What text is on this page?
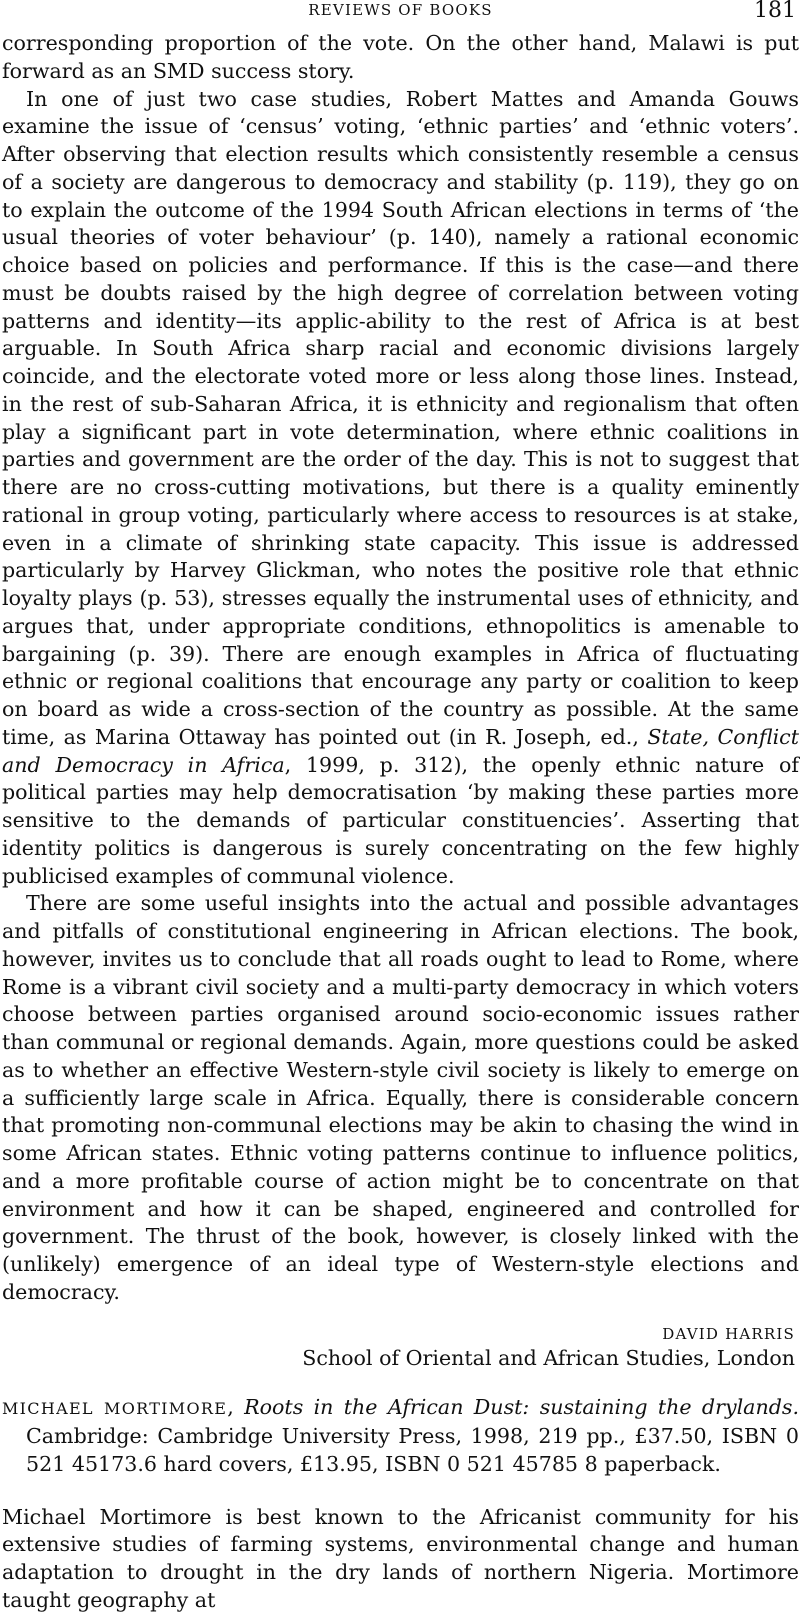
REVIEWS OF BOOKS	181

corresponding proportion of the vote. On the other hand, Malawi is put forward as an SMD success story.

In one of just two case studies, Robert Mattes and Amanda Gouws examine the issue of ‘census’ voting, ‘ethnic parties’ and ‘ethnic voters’. After observing that election results which consistently resemble a census of a society are dangerous to democracy and stability (p. 119), they go on to explain the outcome of the 1994 South African elections in terms of ‘the usual theories of voter behaviour’ (p. 140), namely a rational economic choice based on policies and performance. If this is the case—and there must be doubts raised by the high degree of correlation between voting patterns and identity—its applic-ability to the rest of Africa is at best arguable. In South Africa sharp racial and economic divisions largely coincide, and the electorate voted more or less along those lines. Instead, in the rest of sub-Saharan Africa, it is ethnicity and regionalism that often play a significant part in vote determination, where ethnic coalitions in parties and government are the order of the day. This is not to suggest that there are no cross-cutting motivations, but there is a quality eminently rational in group voting, particularly where access to resources is at stake, even in a climate of shrinking state capacity. This issue is addressed particularly by Harvey Glickman, who notes the positive role that ethnic loyalty plays (p. 53), stresses equally the instrumental uses of ethnicity, and argues that, under appropriate conditions, ethnopolitics is amenable to bargaining (p. 39). There are enough examples in Africa of fluctuating ethnic or regional coalitions that encourage any party or coalition to keep on board as wide a cross-section of the country as possible. At the same time, as Marina Ottaway has pointed out (in R. Joseph, ed., State, Conflict and Democracy in Africa, 1999, p. 312), the openly ethnic nature of political parties may help democratisation ‘by making these parties more sensitive to the demands of particular constituencies’. Asserting that identity politics is dangerous is surely concentrating on the few highly publicised examples of communal violence.

There are some useful insights into the actual and possible advantages and pitfalls of constitutional engineering in African elections. The book, however, invites us to conclude that all roads ought to lead to Rome, where Rome is a vibrant civil society and a multi-party democracy in which voters choose between parties organised around socio-economic issues rather than communal or regional demands. Again, more questions could be asked as to whether an effective Western-style civil society is likely to emerge on a sufficiently large scale in Africa. Equally, there is considerable concern that promoting non-communal elections may be akin to chasing the wind in some African states. Ethnic voting patterns continue to influence politics, and a more profitable course of action might be to concentrate on that environment and how it can be shaped, engineered and controlled for government. The thrust of the book, however, is closely linked with the (unlikely) emergence of an ideal type of Western-style elections and democracy.

DAVID HARRIS
School of Oriental and African Studies, London
MICHAEL MORTIMORE, Roots in the African Dust: sustaining the drylands. Cambridge: Cambridge University Press, 1998, 219 pp., £37.50, ISBN 0 521 45173.6 hard covers, £13.95, ISBN 0 521 45785 8 paperback.

Michael Mortimore is best known to the Africanist community for his extensive studies of farming systems, environmental change and human adaptation to drought in the dry lands of northern Nigeria. Mortimore taught geography at
